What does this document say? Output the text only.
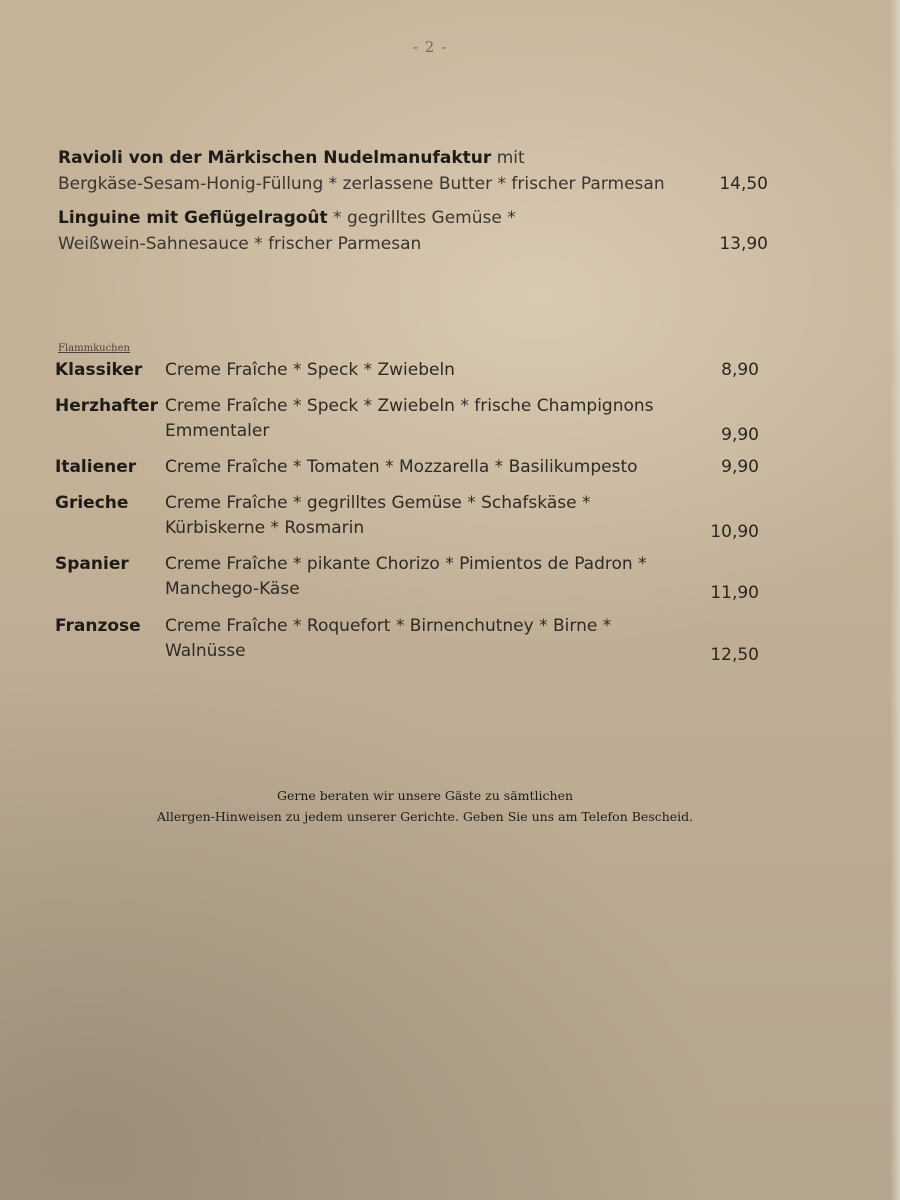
- 2 -
Ravioli von der Märkischen Nudelmanufaktur mit
Bergkäse-Sesam-Honig-Füllung * zerlassene Butter * frischer Parmesan	14,50
Linguine mit Geflügelragoût * gegrilltes Gemüse *
Weißwein-Sahnesauce * frischer Parmesan	13,90
Flammkuchen
Klassiker Creme Fraîche * Speck * Zwiebeln	8,90
Herzhafter Creme Fraîche * Speck * Zwiebeln * frische Champignons
Emmentaler	9,90
Italiener Creme Fraîche * Tomaten * Mozzarella * Basilikumpesto	9,90
Grieche Creme Fraîche * gegrilltes Gemüse * Schafskäse *
Kürbiskerne * Rosmarin	10,90
Spanier Creme Fraîche * pikante Chorizo * Pimientos de Padron *
Manchego-Käse	11,90
Franzose Creme Fraîche * Roquefort * Birnenchutney * Birne *
Walnüsse	12,50
Gerne beraten wir unsere Gäste zu sämtlichen
Allergen-Hinweisen zu jedem unserer Gerichte. Geben Sie uns am Telefon Bescheid.
